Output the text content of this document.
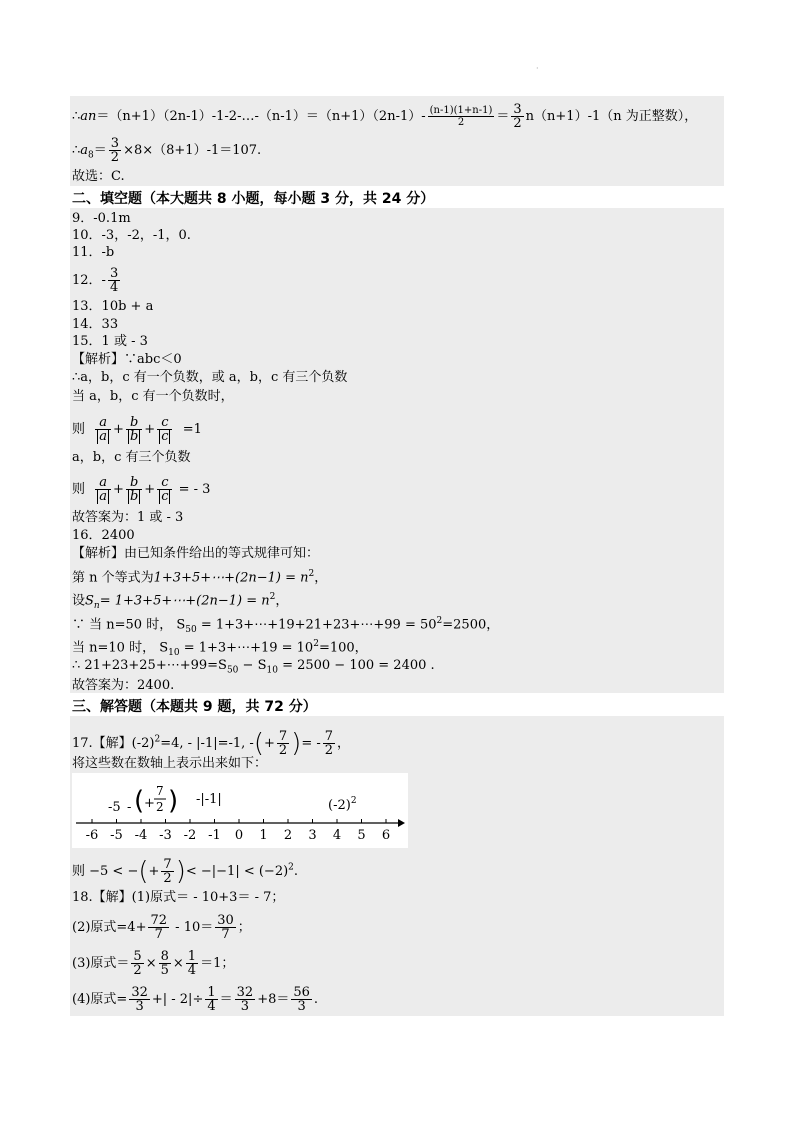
·
∴an＝（n+1）（2n-1）-1-2-…-（n-1）＝（n+1）（2n-1）- $\frac{(n-1)(1+n-1)}{2} = \frac{3}{2} n(n+1)-1(n$ 为正整数），
$\therefore a_8= \frac{3}{2} \times 8\times(8+1)-1=107$.
故选：C.
二、填空题（本大题共 8 小题，每小题 3 分，共 24 分）
9．-0.1m
10．-3，-2，-1，0.
11．-b
12．- $\frac{3}{4}$
13．10b + a
14．33
15．1 或 - 3
【解析】∵abc＜0
∴a，b，c 有一个负数，或 a，b，c 有三个负数
当 a，b，c 有一个负数时，
则 $\frac{a}{a} + \frac{b}{b} + \frac{c}{c} =1$
a，b，c 有三个负数
则 $\frac{a}{a} + \frac{b}{b} + \frac{c}{c}$ = - 3
故答案为：1 或 - 3
16．2400
【解析】由已知条件给出的等式规律可知：
第 n 个等式为1+3+5+⋯+(2n−1) = $n^2$，
设$S_n=$ 1+3+5+⋯+(2n−1) = $n^2$，
∵ 当 n=50 时， $S_{50}$ = 1+3+⋯+19+21+23+⋯+99 = $50^2=2500$，
当 n=10 时， $S_{10}$ = 1+3+⋯+19 = $10^2=100$，
∴ $21+23+25+\cdots+99=S_{50} - S_{10} = 2500 - 100 = 2400$ .
故答案为：2400.
三、解答题（本题共 9 题，共 72 分）
17.【解】$(-2)^2=4$, - |-1|=-1, -(+ $\frac{7}{2}$ )= - $\frac{7}{2}$ ，
将这些数在数轴上表示出来如下：
-6 -5 -4 -3 -2 -1 0 1 2 3 4 5 6
-5 - ( +
7
2 ) -|-1|	$(-2)^2$
则 −5 < −(+ $\frac{7}{2}$ )< $-|-1| < (-2)^2$.
18.【解】(1)原式＝ - 10+3＝ - 7；
(2)原式$=4+ \frac{72}{7} - 10= \frac{30}{7}$ ；
(3)原式＝ $\frac{5}{2} \times \frac{8}{5} \times \frac{1}{4} =1$；
(4)原式= $\frac{32}{3}$ +| - $2|\div \frac{1}{4} = \frac{32}{3} +8= \frac{56}{3}$ .
